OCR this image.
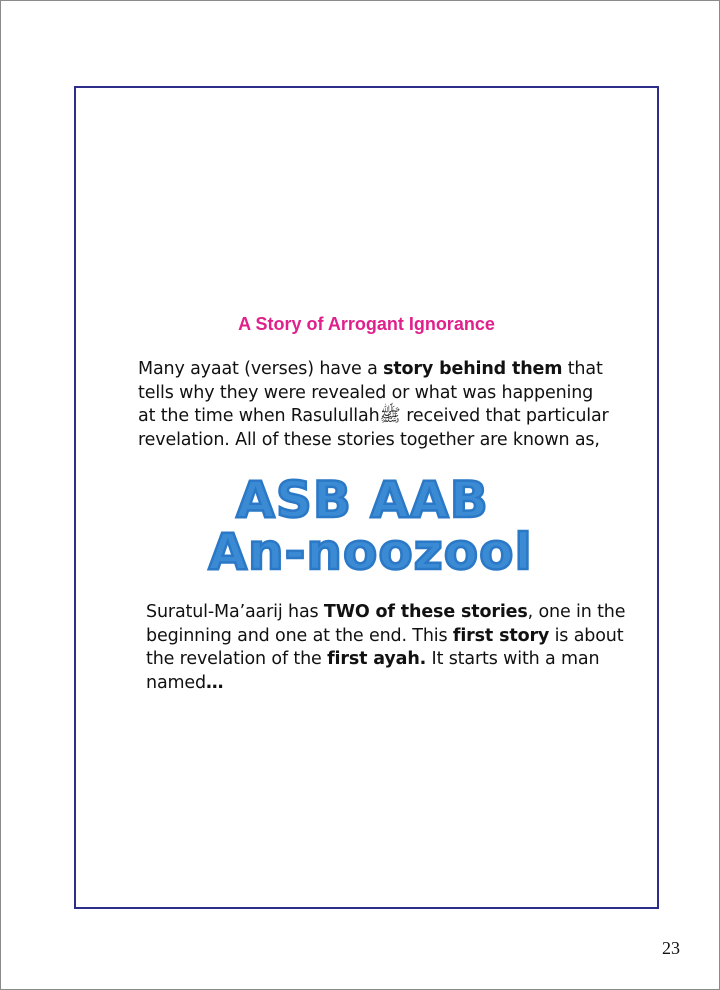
A Story of Arrogant Ignorance
Many ayaat (verses) have a story behind them that
tells why they were revealed or what was happening
at the time when Rasulullahﷺ received that particular
revelation. All of these stories together are known as,
ASB AAB
An-noozool
Suratul-Ma’aarij has TWO of these stories, one in the
beginning and one at the end. This first story is about
the revelation of the first ayah. It starts with a man
named…
23
